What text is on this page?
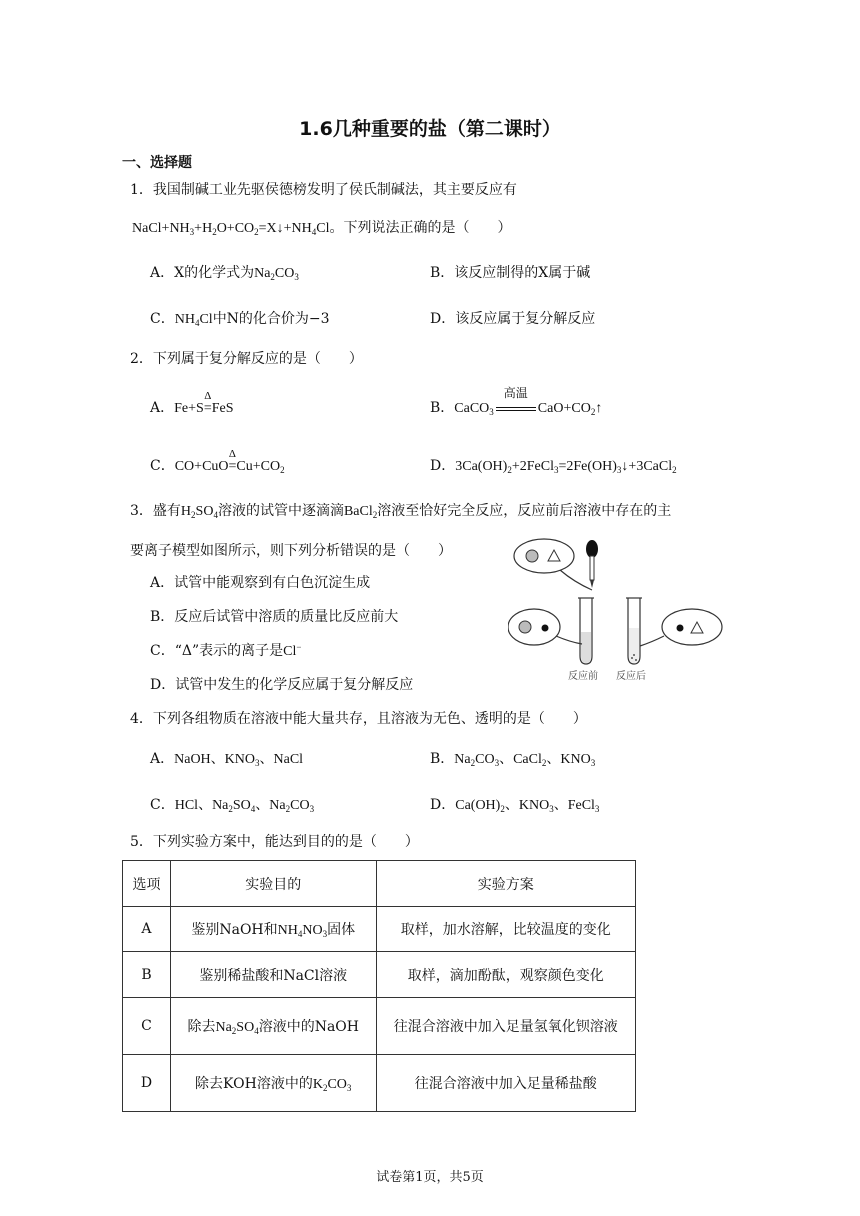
1.6几种重要的盐（第二课时）
一、选择题
1．我国制碱工业先驱侯德榜发明了侯氏制碱法，其主要反应有
$NaCl+NH_3+H_2O+CO_2=X↓+NH_4Cl$。下列说法正确的是（　　）
A．X的化学式为$Na_2CO_3$	B．该反应制得的X属于碱
C．$NH_4Cl$中N的化合价为−3	D．该反应属于复分解反应
2．下列属于复分解反应的是（　　）
A．Fe+S
Δ
=FeS	B．CaCO$_3$
高温
$CaO+CO_2↑$
C．CO+CuO
Δ
$=Cu+CO_2$	D．$3Ca(OH)_2+2FeCl_3=2Fe(OH)_3↓+3CaCl_2$
3．盛有$H_2SO_4$溶液的试管中逐滴滴BaCl$_2$溶液至恰好完全反应，反应前后溶液中存在的主
要离子模型如图所示，则下列分析错误的是（　　）
A．试管中能观察到有白色沉淀生成
B．反应后试管中溶质的质量比反应前大
C．“Δ”表示的离子是Cl−
D．试管中发生的化学反应属于复分解反应
反应前 反应后
4．下列各组物质在溶液中能大量共存，且溶液为无色、透明的是（　　）
A．NaOH、$KNO_3$、NaCl	B．$Na_2CO_3$、CaCl$_2$、$KNO_3$
C．HCl、$Na_2SO_4$、$Na_2CO_3$	D．$Ca(OH)_2$、$KNO_3$、FeCl$_3$
5．下列实验方案中，能达到目的的是（　　）
选项	实验目的	实验方案
A	鉴别NaOH和$NH_4NO_3$固体	取样，加水溶解，比较温度的变化
B	鉴别稀盐酸和NaCl溶液	取样，滴加酚酞，观察颜色变化
C	除去$Na_2SO_4$溶液中的NaOH	往混合溶液中加入足量氢氧化钡溶液
D	除去KOH溶液中的$K_2CO_3$	往混合溶液中加入足量稀盐酸
试卷第1页，共5页
